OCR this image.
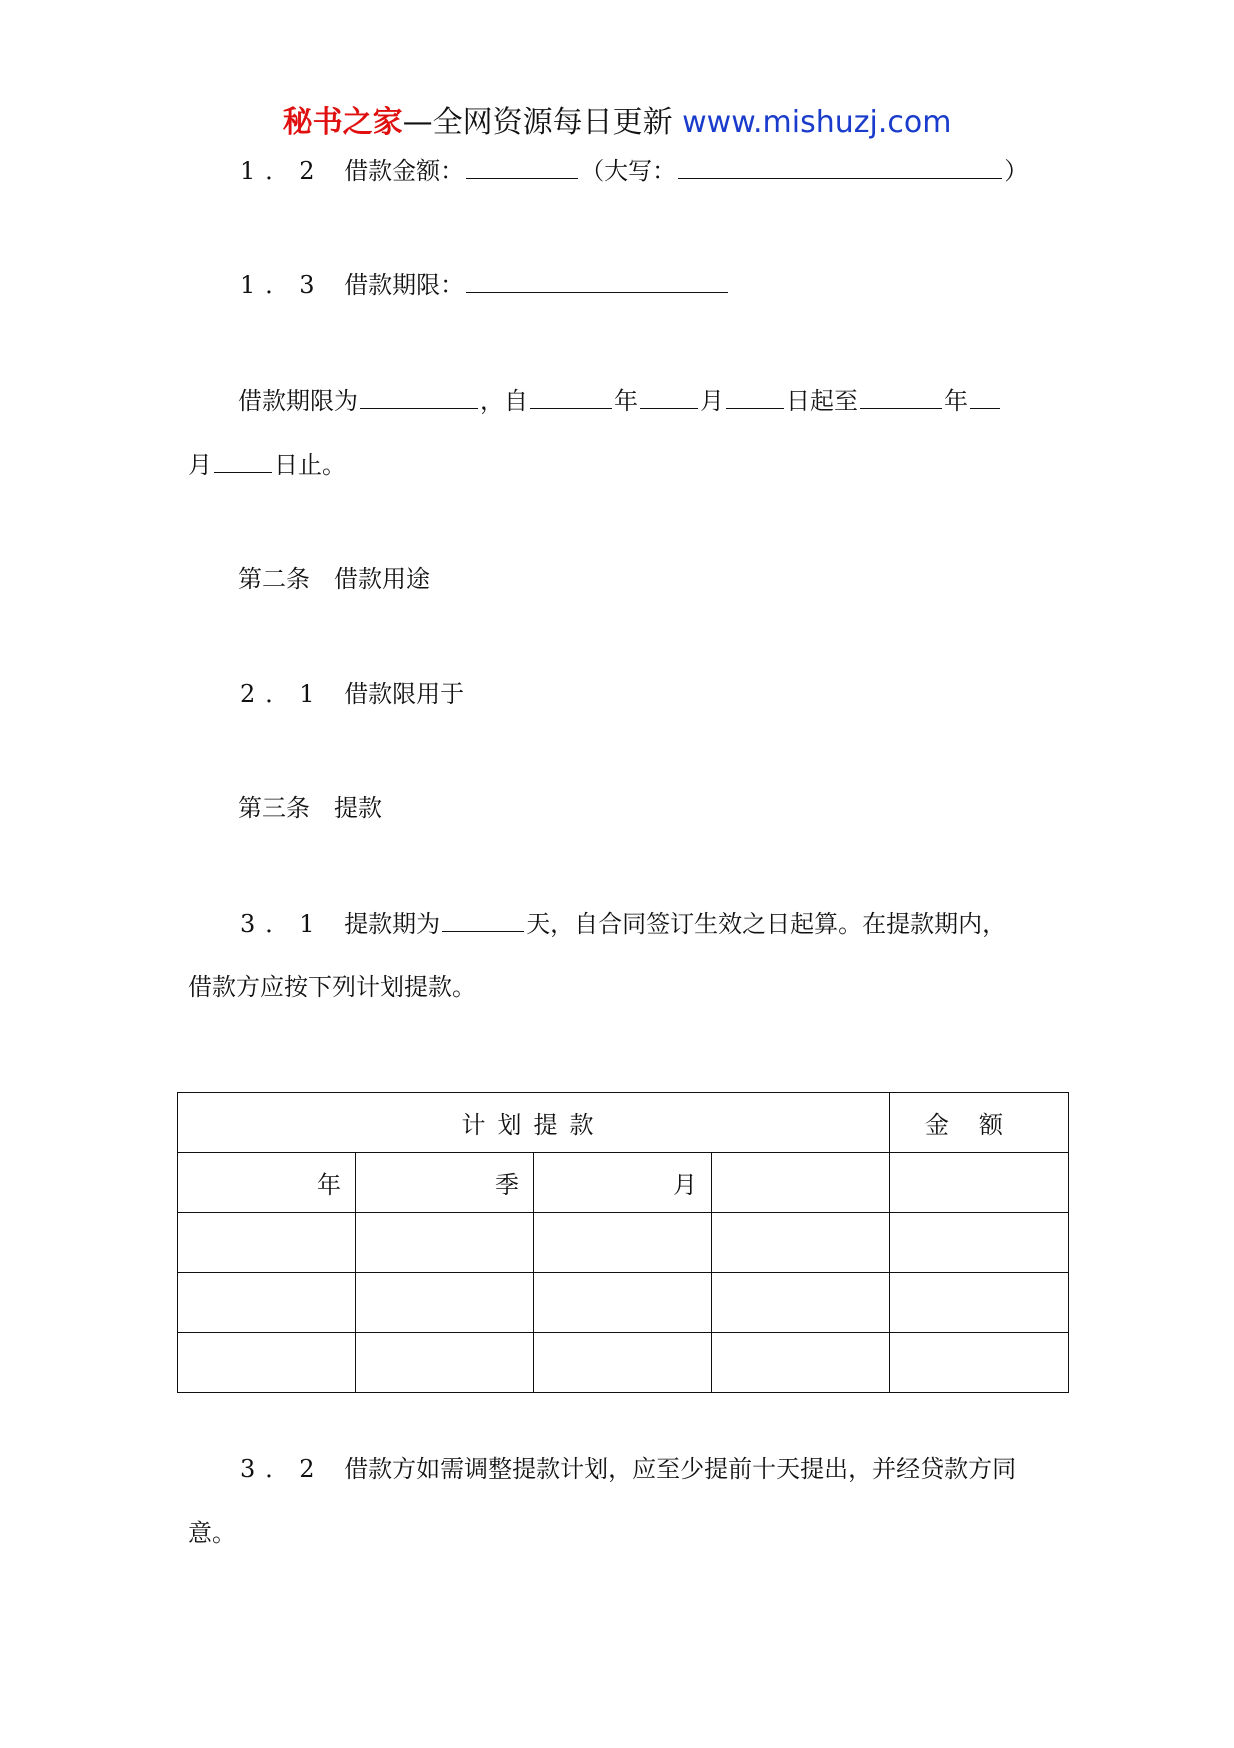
秘书之家—全网资源每日更新 www.mishuzj.com
1．2 借款金额：	（大写：	）
1．3 借款期限：
借款期限为	，自	年	月	日起至	年
月	日止。
第二条　借款用途
2．1 借款限用于
第三条　提款
3．1 提款期为	天，自合同签订生效之日起算。在提款期内，
借款方应按下列计划提款。
计划提款				金额
年	季	月		

3．2 借款方如需调整提款计划，应至少提前十天提出，并经贷款方同
意。
